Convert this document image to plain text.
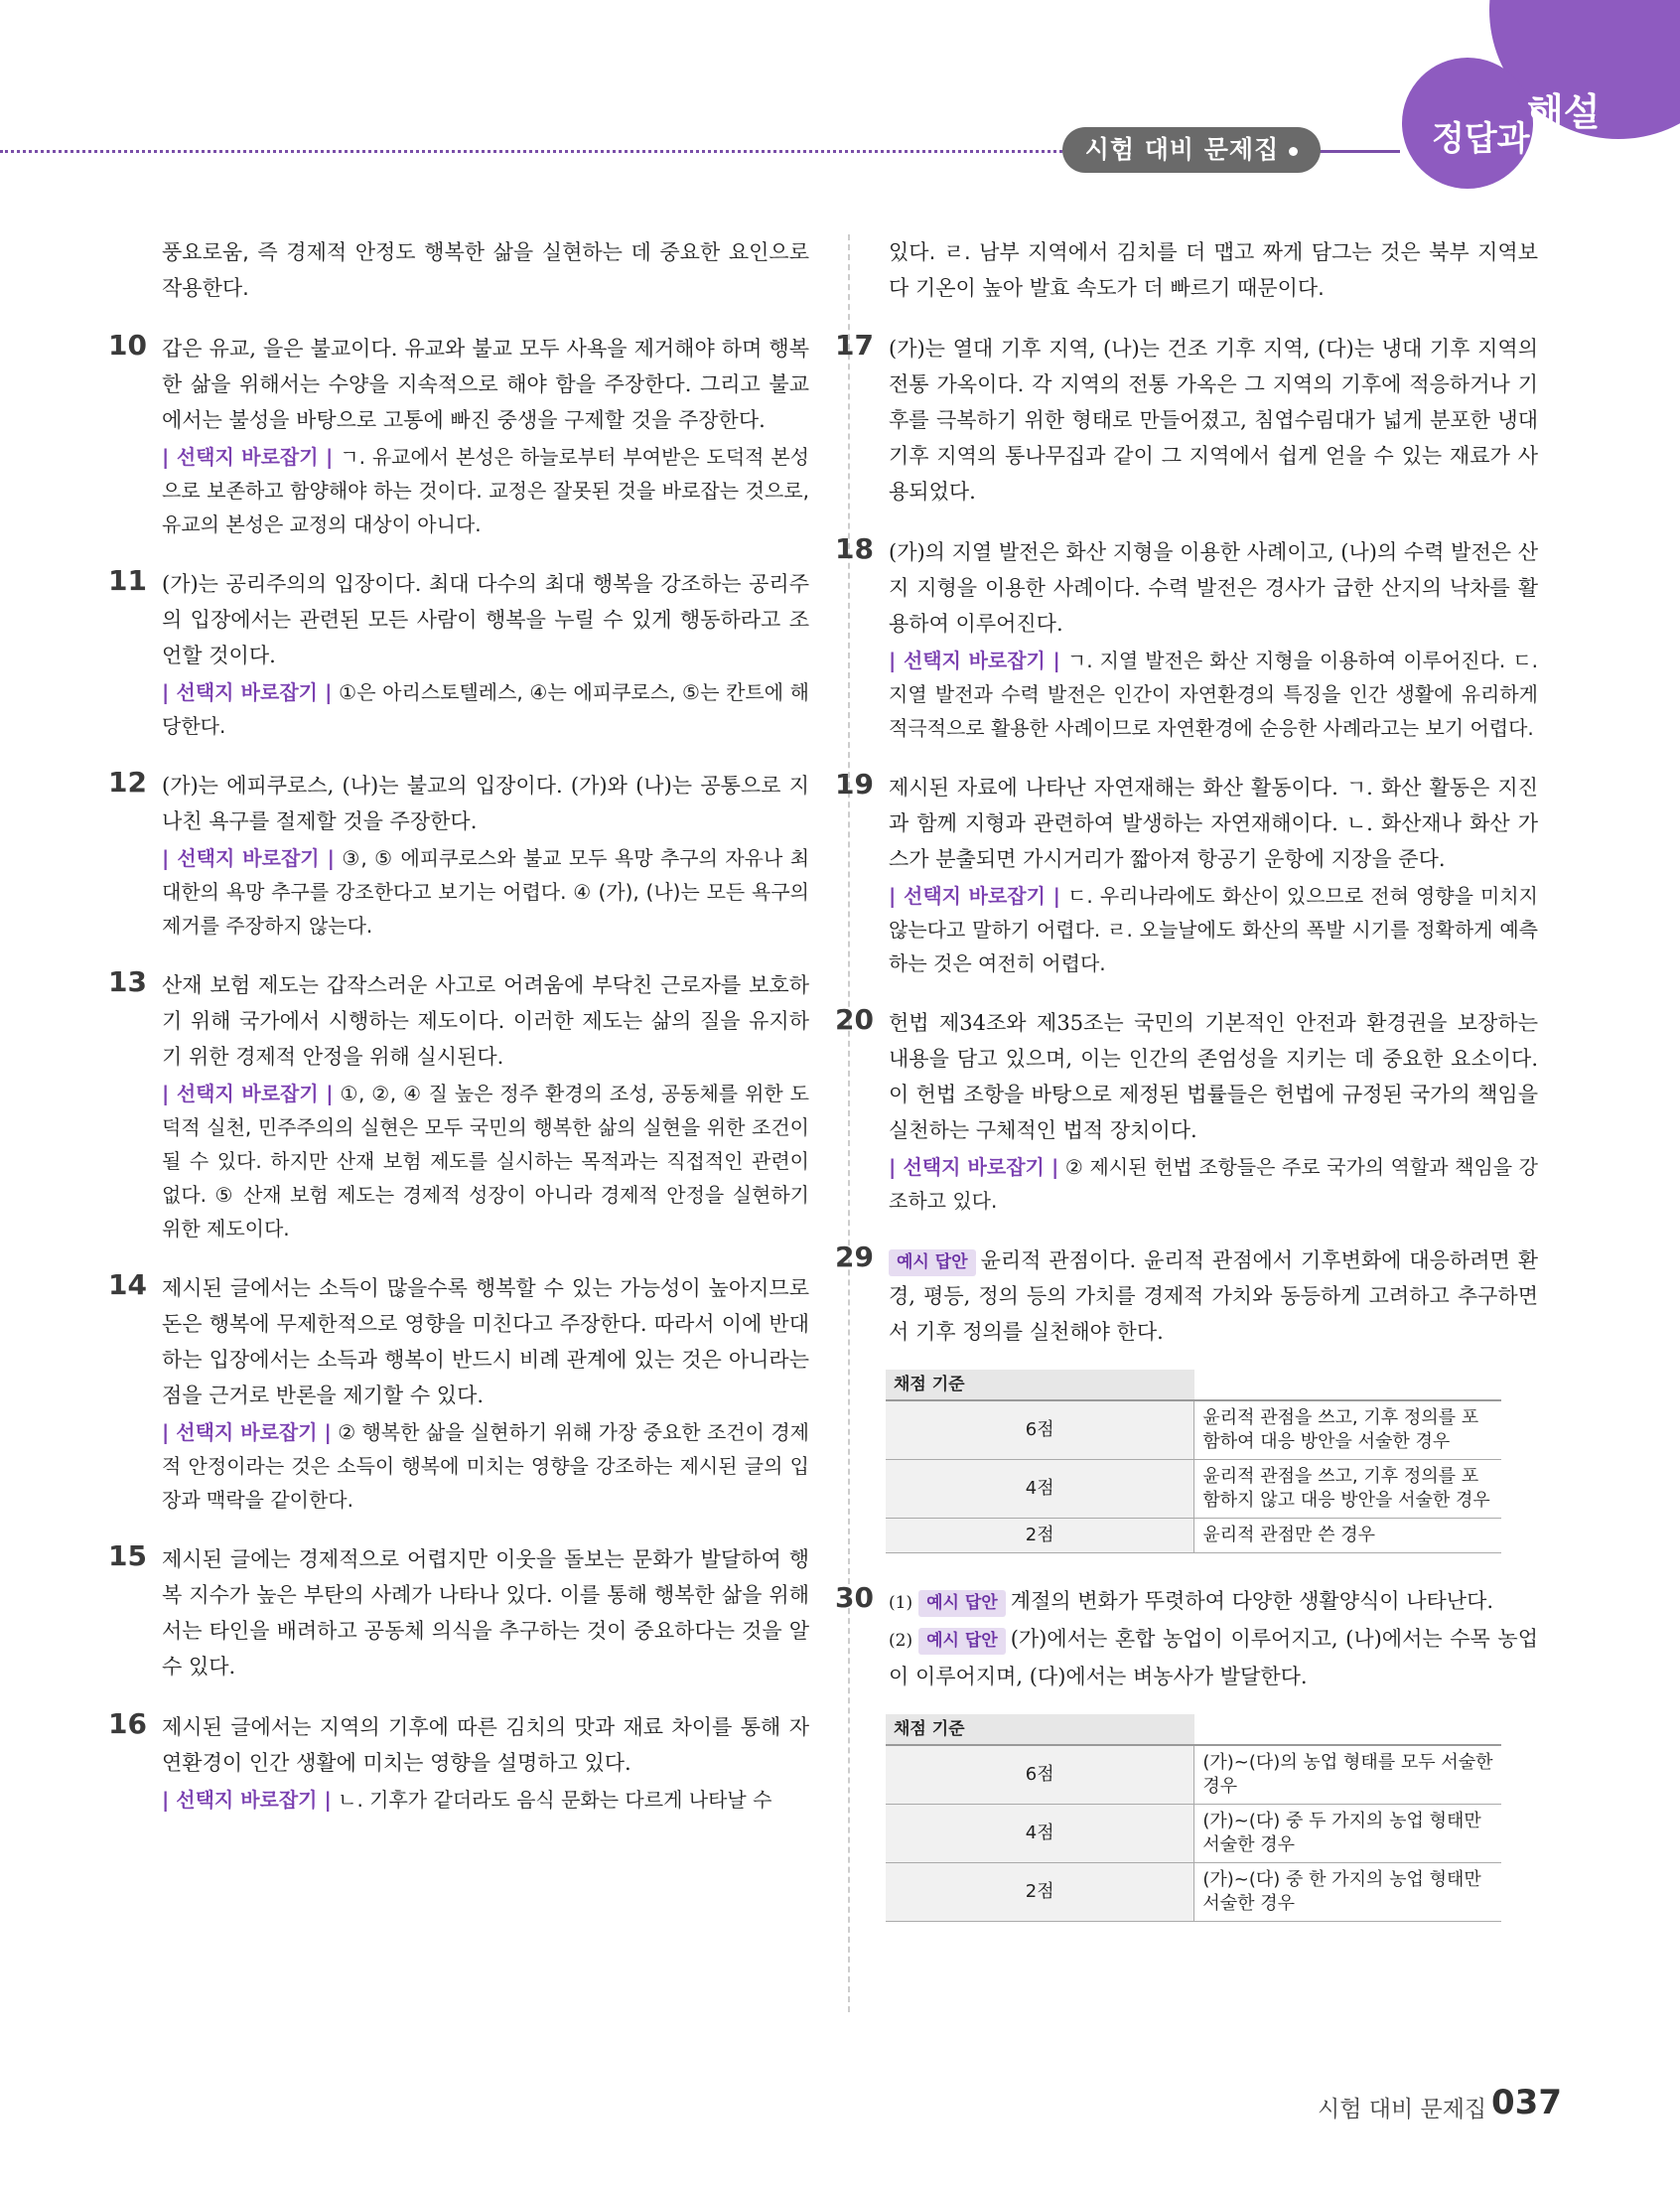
시험 대비 문제집
해설
정답과
풍요로움, 즉 경제적 안정도 행복한 삶을 실현하는 데 중요한 요인으로 작용한다.
10 갑은 유교, 을은 불교이다. 유교와 불교 모두 사욕을 제거해야 하며 행복한 삶을 위해서는 수양을 지속적으로 해야 함을 주장한다. 그리고 불교에서는 불성을 바탕으로 고통에 빠진 중생을 구제할 것을 주장한다.
| 선택지 바로잡기 | ㄱ. 유교에서 본성은 하늘로부터 부여받은 도덕적 본성으로 보존하고 함양해야 하는 것이다. 교정은 잘못된 것을 바로잡는 것으로, 유교의 본성은 교정의 대상이 아니다.
11 (가)는 공리주의의 입장이다. 최대 다수의 최대 행복을 강조하는 공리주의 입장에서는 관련된 모든 사람이 행복을 누릴 수 있게 행동하라고 조언할 것이다.
| 선택지 바로잡기 | ①은 아리스토텔레스, ④는 에피쿠로스, ⑤는 칸트에 해당한다.
12 (가)는 에피쿠로스, (나)는 불교의 입장이다. (가)와 (나)는 공통으로 지나친 욕구를 절제할 것을 주장한다.
| 선택지 바로잡기 | ③, ⑤ 에피쿠로스와 불교 모두 욕망 추구의 자유나 최대한의 욕망 추구를 강조한다고 보기는 어렵다. ④ (가), (나)는 모든 욕구의 제거를 주장하지 않는다.
13 산재 보험 제도는 갑작스러운 사고로 어려움에 부닥친 근로자를 보호하기 위해 국가에서 시행하는 제도이다. 이러한 제도는 삶의 질을 유지하기 위한 경제적 안정을 위해 실시된다.
| 선택지 바로잡기 | ①, ②, ④ 질 높은 정주 환경의 조성, 공동체를 위한 도덕적 실천, 민주주의의 실현은 모두 국민의 행복한 삶의 실현을 위한 조건이 될 수 있다. 하지만 산재 보험 제도를 실시하는 목적과는 직접적인 관련이 없다. ⑤ 산재 보험 제도는 경제적 성장이 아니라 경제적 안정을 실현하기 위한 제도이다.
14 제시된 글에서는 소득이 많을수록 행복할 수 있는 가능성이 높아지므로 돈은 행복에 무제한적으로 영향을 미친다고 주장한다. 따라서 이에 반대하는 입장에서는 소득과 행복이 반드시 비례 관계에 있는 것은 아니라는 점을 근거로 반론을 제기할 수 있다.
| 선택지 바로잡기 | ② 행복한 삶을 실현하기 위해 가장 중요한 조건이 경제적 안정이라는 것은 소득이 행복에 미치는 영향을 강조하는 제시된 글의 입장과 맥락을 같이한다.
15 제시된 글에는 경제적으로 어렵지만 이웃을 돌보는 문화가 발달하여 행복 지수가 높은 부탄의 사례가 나타나 있다. 이를 통해 행복한 삶을 위해서는 타인을 배려하고 공동체 의식을 추구하는 것이 중요하다는 것을 알 수 있다.
16 제시된 글에서는 지역의 기후에 따른 김치의 맛과 재료 차이를 통해 자연환경이 인간 생활에 미치는 영향을 설명하고 있다.
| 선택지 바로잡기 | ㄴ. 기후가 같더라도 음식 문화는 다르게 나타날 수
있다. ㄹ. 남부 지역에서 김치를 더 맵고 짜게 담그는 것은 북부 지역보다 기온이 높아 발효 속도가 더 빠르기 때문이다.
17 (가)는 열대 기후 지역, (나)는 건조 기후 지역, (다)는 냉대 기후 지역의 전통 가옥이다. 각 지역의 전통 가옥은 그 지역의 기후에 적응하거나 기후를 극복하기 위한 형태로 만들어졌고, 침엽수림대가 넓게 분포한 냉대 기후 지역의 통나무집과 같이 그 지역에서 쉽게 얻을 수 있는 재료가 사용되었다.
18 (가)의 지열 발전은 화산 지형을 이용한 사례이고, (나)의 수력 발전은 산지 지형을 이용한 사례이다. 수력 발전은 경사가 급한 산지의 낙차를 활용하여 이루어진다.
| 선택지 바로잡기 | ㄱ. 지열 발전은 화산 지형을 이용하여 이루어진다. ㄷ. 지열 발전과 수력 발전은 인간이 자연환경의 특징을 인간 생활에 유리하게 적극적으로 활용한 사례이므로 자연환경에 순응한 사례라고는 보기 어렵다.
19 제시된 자료에 나타난 자연재해는 화산 활동이다. ㄱ. 화산 활동은 지진과 함께 지형과 관련하여 발생하는 자연재해이다. ㄴ. 화산재나 화산 가스가 분출되면 가시거리가 짧아져 항공기 운항에 지장을 준다.
| 선택지 바로잡기 | ㄷ. 우리나라에도 화산이 있으므로 전혀 영향을 미치지 않는다고 말하기 어렵다. ㄹ. 오늘날에도 화산의 폭발 시기를 정확하게 예측하는 것은 여전히 어렵다.
20 헌법 제34조와 제35조는 국민의 기본적인 안전과 환경권을 보장하는 내용을 담고 있으며, 이는 인간의 존엄성을 지키는 데 중요한 요소이다. 이 헌법 조항을 바탕으로 제정된 법률들은 헌법에 규정된 국가의 책임을 실천하는 구체적인 법적 장치이다.
| 선택지 바로잡기 | ② 제시된 헌법 조항들은 주로 국가의 역할과 책임을 강조하고 있다.
29	예시 답안 윤리적 관점이다. 윤리적 관점에서 기후변화에 대응하려면 환경, 평등, 정의 등의 가치를 경제적 가치와 동등하게 고려하고 추구하면서 기후 정의를 실천해야 한다.
채점 기준	
6점	윤리적 관점을 쓰고, 기후 정의를 포함하여 대응 방안을 서술한 경우
4점	윤리적 관점을 쓰고, 기후 정의를 포함하지 않고 대응 방안을 서술한 경우
2점	윤리적 관점만 쓴 경우
30 (1) 예시 답안 계절의 변화가 뚜렷하여 다양한 생활양식이 나타난다.
(2) 예시 답안 (가)에서는 혼합 농업이 이루어지고, (나)에서는 수목 농업이 이루어지며, (다)에서는 벼농사가 발달한다.
채점 기준	
6점	(가)~(다)의 농업 형태를 모두 서술한 경우
4점	(가)~(다) 중 두 가지의 농업 형태만 서술한 경우
2점	(가)~(다) 중 한 가지의 농업 형태만 서술한 경우
시험 대비 문제집 037
